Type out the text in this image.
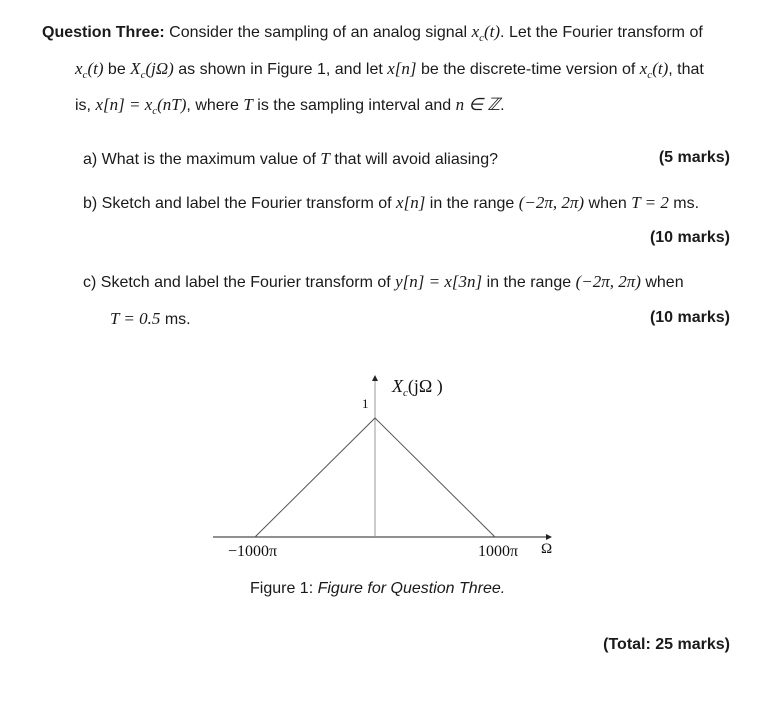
Question Three: Consider the sampling of an analog signal $x_c(t)$. Let the Fourier transform of
$x_c(t)$ be $X_c(j\Omega)$ as shown in Figure 1, and let x[n] be the discrete-time version of $x_c(t)$, that
is, $x[n] = x_c(nT)$, where T is the sampling interval and n ∈ ℤ.
a) What is the maximum value of T that will avoid aliasing?	(5 marks)
b) Sketch and label the Fourier transform of x[n] in the range (−2π, 2π) when T = 2 ms.
(10 marks)
c) Sketch and label the Fourier transform of y[n] = x[3n] in the range (−2π, 2π) when
T = 0.5 ms.	(10 marks)
$X_c(j\Omega$ )
1
−1000π	1000π Ω
Figure 1: Figure for Question Three.
(Total: 25 marks)
